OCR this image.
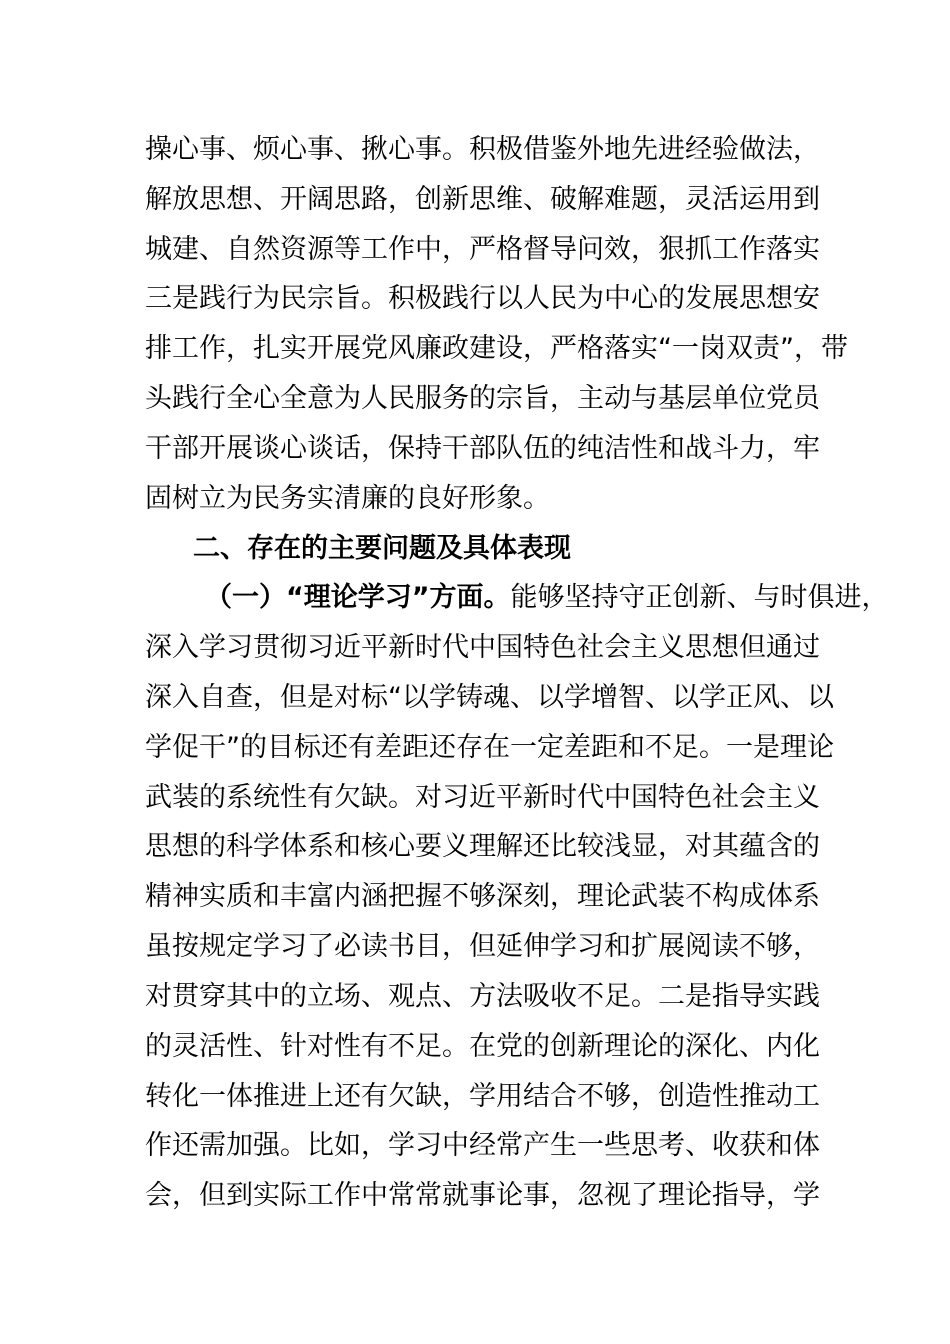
操心事、烦心事、揪心事。积极借鉴外地先进经验做法，
解放思想、开阔思路，创新思维、破解难题，灵活运用到
城建、自然资源等工作中，严格督导问效，狠抓工作落实
三是践行为民宗旨。积极践行以人民为中心的发展思想安
排工作，扎实开展党风廉政建设，严格落实“一岗双责”，带
头践行全心全意为人民服务的宗旨，主动与基层单位党员
干部开展谈心谈话，保持干部队伍的纯洁性和战斗力，牢
固树立为民务实清廉的良好形象。
二、存在的主要问题及具体表现
（一）“理论学习”方面。能够坚持守正创新、与时俱进，
深入学习贯彻习近平新时代中国特色社会主义思想但通过
深入自查，但是对标“以学铸魂、以学增智、以学正风、以
学促干”的目标还有差距还存在一定差距和不足。一是理论
武装的系统性有欠缺。对习近平新时代中国特色社会主义
思想的科学体系和核心要义理解还比较浅显，对其蕴含的
精神实质和丰富内涵把握不够深刻，理论武装不构成体系
虽按规定学习了必读书目，但延伸学习和扩展阅读不够，
对贯穿其中的立场、观点、方法吸收不足。二是指导实践
的灵活性、针对性有不足。在党的创新理论的深化、内化
转化一体推进上还有欠缺，学用结合不够，创造性推动工
作还需加强。比如，学习中经常产生一些思考、收获和体
会，但到实际工作中常常就事论事，忽视了理论指导，学
